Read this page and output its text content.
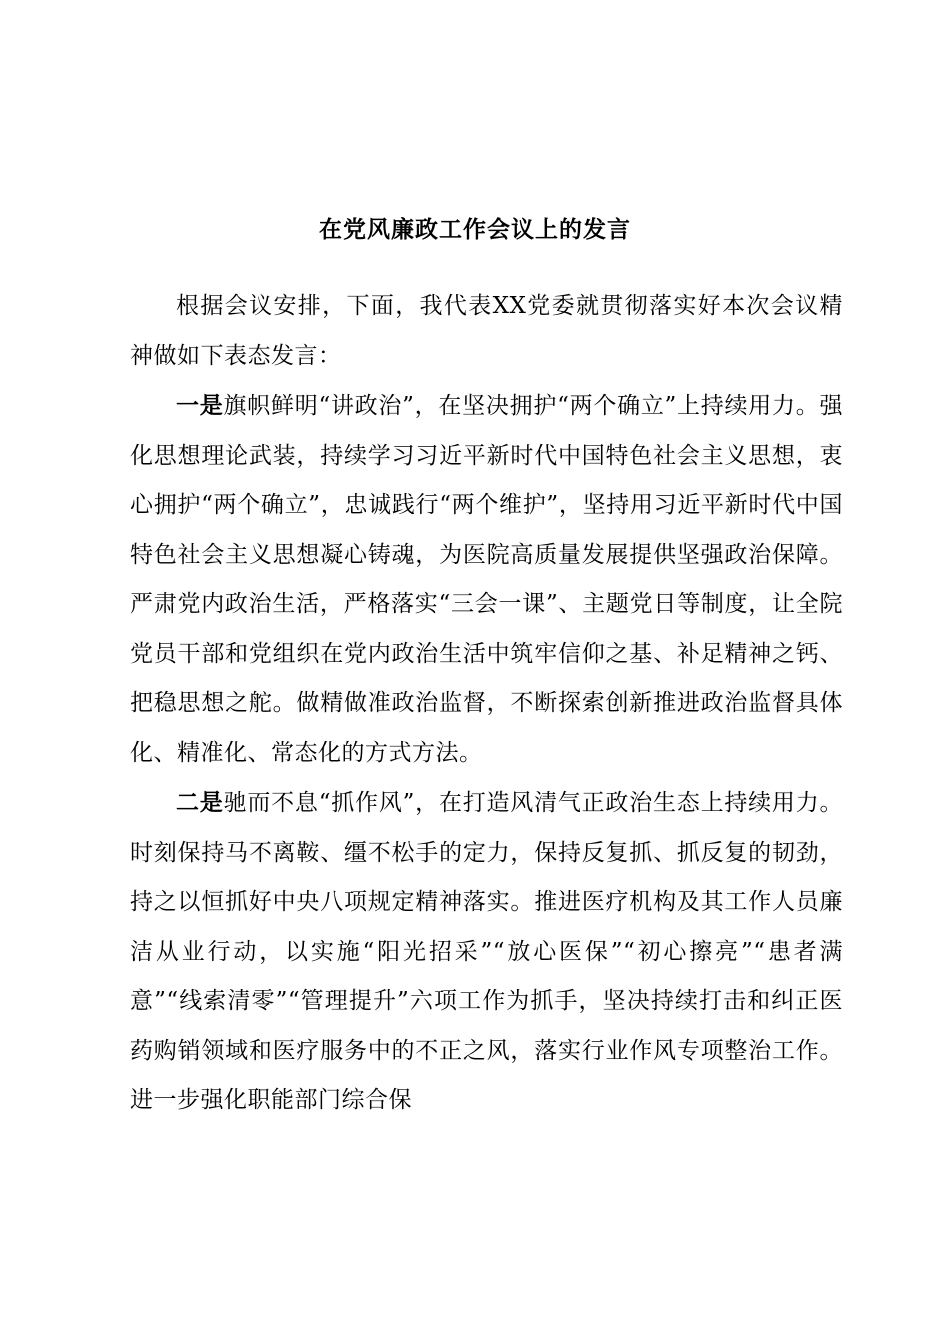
在党风廉政工作会议上的发言

根据会议安排，下面，我代表XX党委就贯彻落实好本次会议精神做如下表态发言：

一是旗帜鲜明“讲政治”，在坚决拥护“两个确立”上持续用力。强化思想理论武装，持续学习习近平新时代中国特色社会主义思想，衷心拥护“两个确立”，忠诚践行“两个维护”，坚持用习近平新时代中国特色社会主义思想凝心铸魂，为医院高质量发展提供坚强政治保障。严肃党内政治生活，严格落实“三会一课”、主题党日等制度，让全院党员干部和党组织在党内政治生活中筑牢信仰之基、补足精神之钙、把稳思想之舵。做精做准政治监督，不断探索创新推进政治监督具体化、精准化、常态化的方式方法。

二是驰而不息“抓作风”，在打造风清气正政治生态上持续用力。时刻保持马不离鞍、缰不松手的定力，保持反复抓、抓反复的韧劲，持之以恒抓好中央八项规定精神落实。推进医疗机构及其工作人员廉洁从业行动，以实施“阳光招采”“放心医保”“初心擦亮”“患者满意”“线索清零”“管理提升”六项工作为抓手，坚决持续打击和纠正医药购销领域和医疗服务中的不正之风，落实行业作风专项整治工作。进一步强化职能部门综合保
